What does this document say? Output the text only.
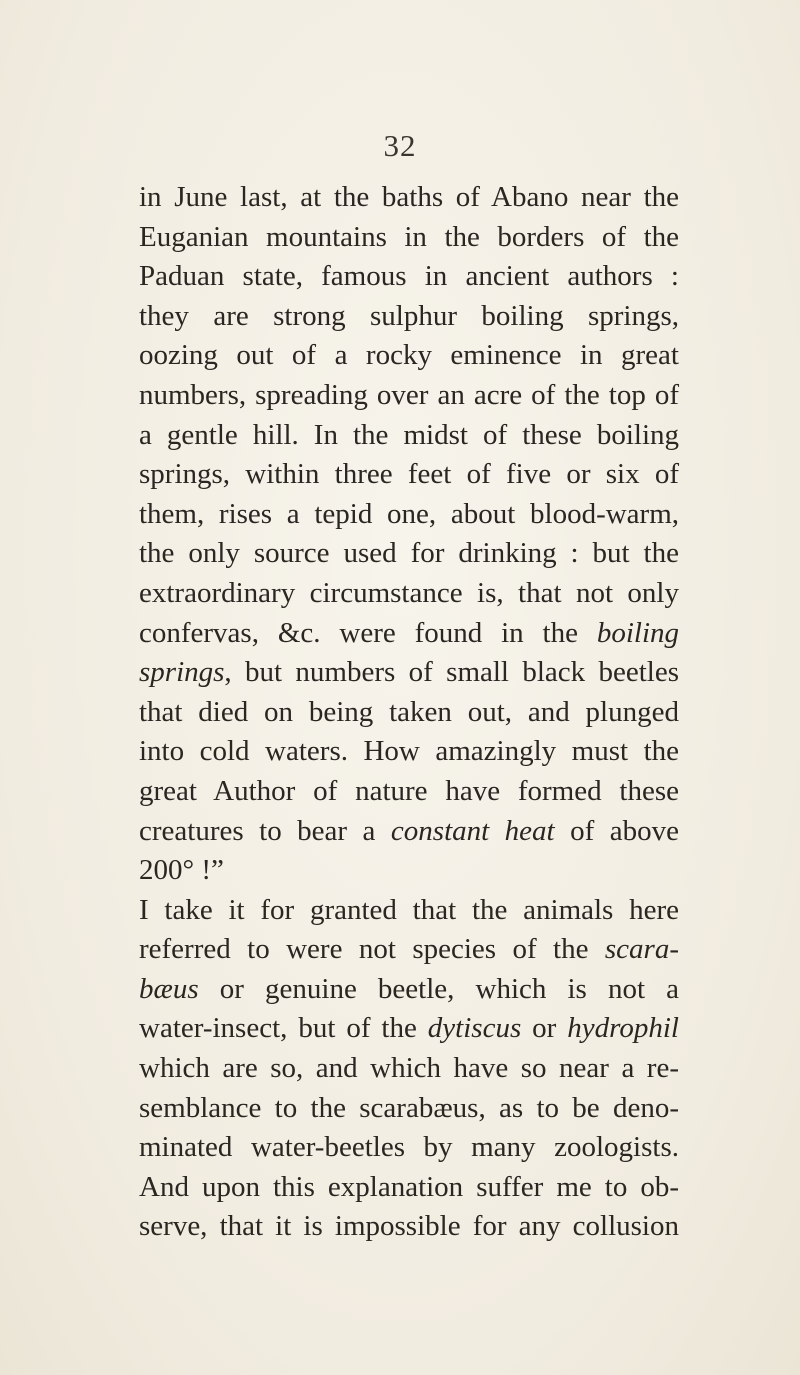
32
in June last, at the baths of Abano near the
Euganian mountains in the borders of the
Paduan state, famous in ancient authors :
they are strong sulphur boiling springs,
oozing out of a rocky eminence in great
numbers, spreading over an acre of the top of
a gentle hill. In the midst of these boiling
springs, within three feet of five or six of
them, rises a tepid one, about blood-warm,
the only source used for drinking : but the
extraordinary circumstance is, that not only
confervas, &c. were found in the boiling
springs, but numbers of small black beetles
that died on being taken out, and plunged
into cold waters. How amazingly must the
great Author of nature have formed these
creatures to bear a constant heat of above
200° !”
I take it for granted that the animals here
referred to were not species of the scara-
bæus or genuine beetle, which is not a
water-insect, but of the dytiscus or hydrophil
which are so, and which have so near a re-
semblance to the scarabæus, as to be deno-
minated water-beetles by many zoologists.
And upon this explanation suffer me to ob-
serve, that it is impossible for any collusion
